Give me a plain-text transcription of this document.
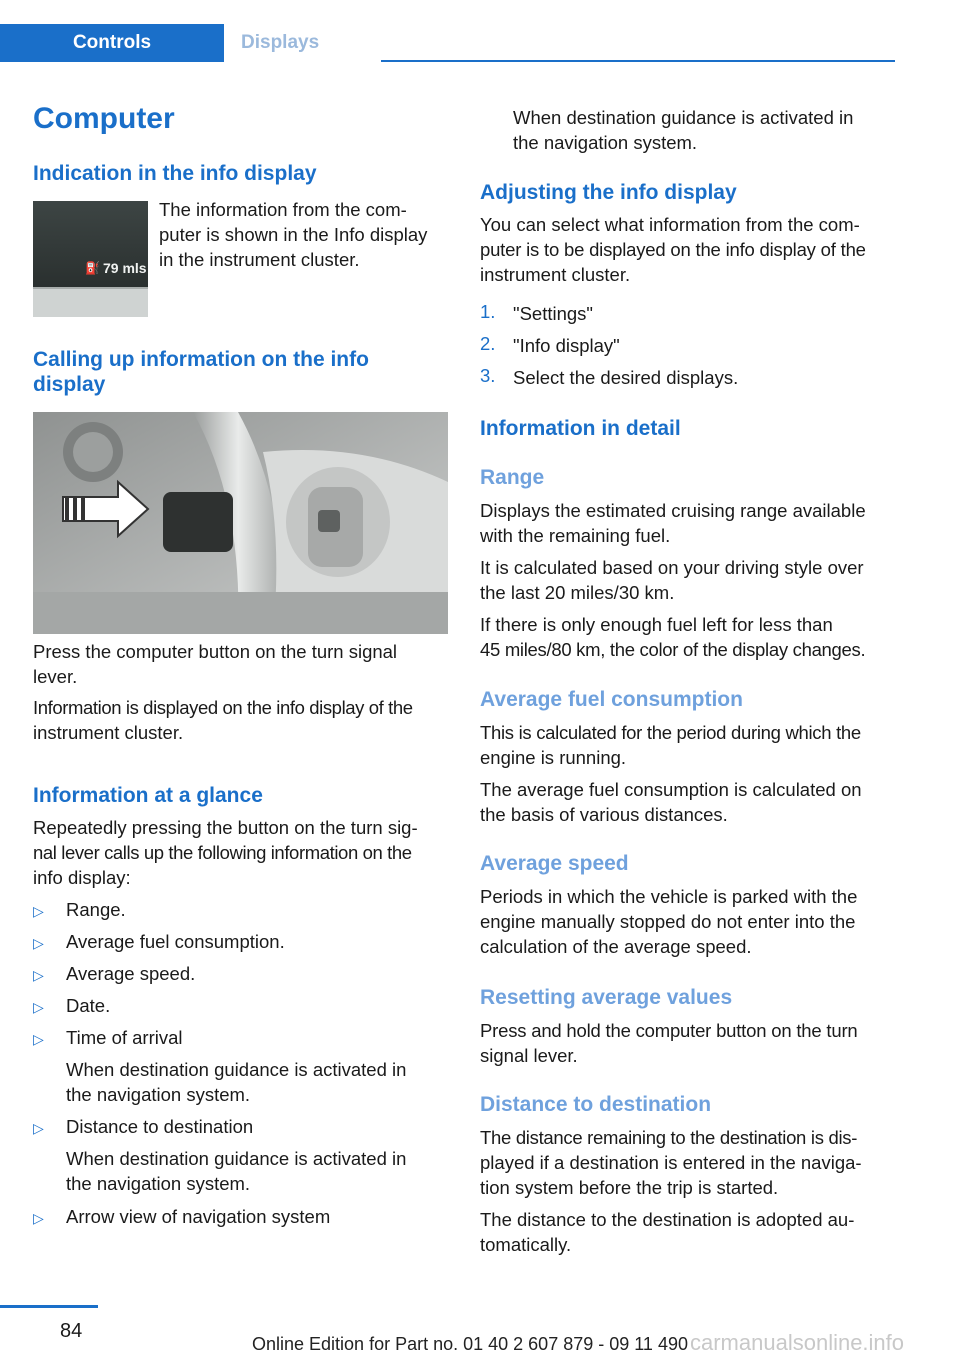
Controls	Displays
Computer
Indication in the info display
⛽ 79 mls
The information from the com-
puter is shown in the Info display
in the instrument cluster.
Calling up information on the info
display
Press the computer button on the turn signal
lever.
Information is displayed on the info display of the
instrument cluster.
Information at a glance
Repeatedly pressing the button on the turn sig-
nal lever calls up the following information on the
info display:
▷ Range.
▷ Average fuel consumption.
▷ Average speed.
▷ Date.
▷ Time of arrival
When destination guidance is activated in
the navigation system.
▷ Distance to destination
When destination guidance is activated in
the navigation system.
▷ Arrow view of navigation system
When destination guidance is activated in
the navigation system.
Adjusting the info display
You can select what information from the com-
puter is to be displayed on the info display of the
instrument cluster.
1. "Settings"
2. "Info display"
3. Select the desired displays.
Information in detail
Range
Displays the estimated cruising range available
with the remaining fuel.
It is calculated based on your driving style over
the last 20 miles/30 km.
If there is only enough fuel left for less than
45 miles/80 km, the color of the display changes.
Average fuel consumption
This is calculated for the period during which the
engine is running.
The average fuel consumption is calculated on
the basis of various distances.
Average speed
Periods in which the vehicle is parked with the
engine manually stopped do not enter into the
calculation of the average speed.
Resetting average values
Press and hold the computer button on the turn
signal lever.
Distance to destination
The distance remaining to the destination is dis-
played if a destination is entered in the naviga-
tion system before the trip is started.
The distance to the destination is adopted au-
tomatically.
84
Online Edition for Part no. 01 40 2 607 879 - 09 11 490 carmanualsonline.info
